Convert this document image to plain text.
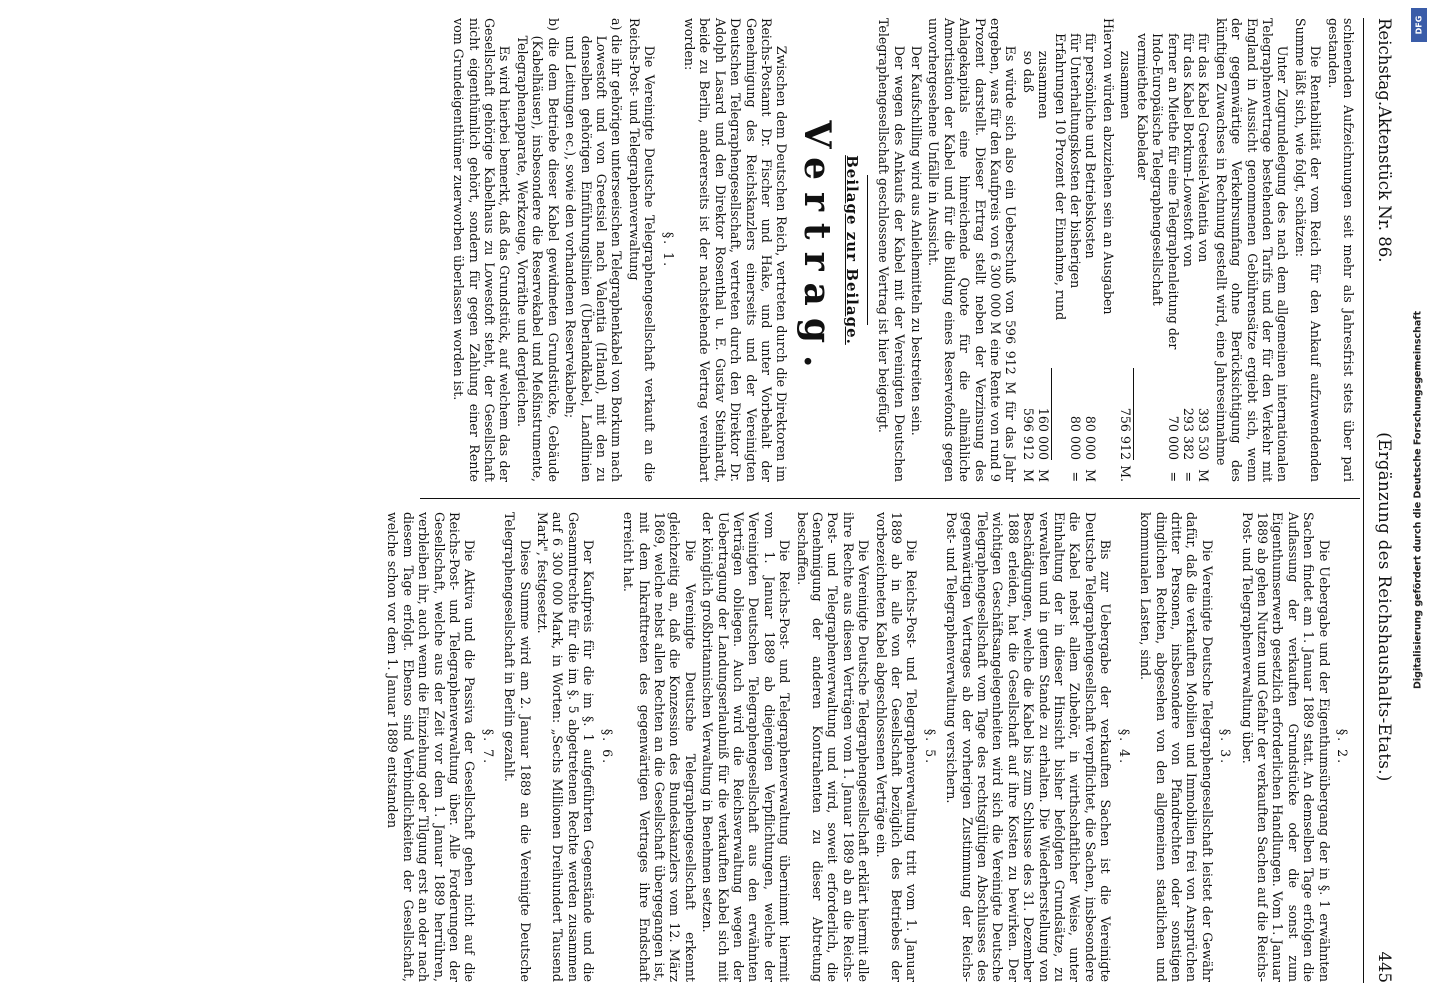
Reichstag.
Aktenstück Nr. 86.
(Ergänzung des Reichshaushalts-Etats.)
445

schienenden Aufzeichnungen seit mehr als Jahresfrist stets über pari gestanden.

Die Rentabilität der vom Reich für den Ankauf aufzuwendenden Summe läßt sich, wie folgt, schätzen:

Unter Zugrundelegung des nach dem allgemeinen internationalen Telegraphenvertrage bestehenden Tarifs und der für den Verkehr mit England in Aussicht genommenen Gebührensätze ergiebt sich, wenn der gegenwärtige Verkehrsumfang ohne Berücksichtigung des künftigen Zuwachses in Rechnung gestellt wird, eine Jahreseinnahme

für das Kabel Greetsiel-Valentia von
393 530
M
für das Kabel Borkum-Lowestoft von
293 382
=
ferner an Miethe für eine Telegraphenleitung der Indo-Europäische Telegraphengesellschaft vermiethete Kabelader
70 000
=
zusammen
756 912
M.

Hiervon würden abzuziehen sein an Ausgaben

für persönliche und Betriebskosten
80 000
M
für Unterhaltungskosten der bisherigen Erfahrungen 10 Prozent der Einnahme, rund
80 000
=
zusammen
160 000
M
so daß
596 912
M

Es würde sich also ein Ueberschuß von 596 912 M für das Jahr ergeben, was für den Kaufpreis von 6 300 000 M eine Rente von rund 9 Prozent darstellt. Dieser Ertrag stellt neben der Verzinsung des Anlagekapitals eine hinreichende Quote für die allmähliche Amortisation der Kabel und für die Bildung eines Reservefonds gegen unvorhergesehene Unfälle in Aussicht.

Der Kaufschilling wird aus Anleihemitteln zu bestreiten sein.

Der wegen des Ankaufs der Kabel mit der Vereinigten Deutschen Telegraphengesellschaft geschlossene Vertrag ist hier beigefügt.

Beilage zur Beilage.
Vertrag.

Zwischen dem Deutschen Reich, vertreten durch die Direktoren im Reichs-Postamt Dr. Fischer und Hake, und unter Vorbehalt der Genehmigung des Reichskanzlers einerseits und der Vereinigten Deutschen Telegraphengesellschaft, vertreten durch den Direktor Dr. Adolph Lasard und den Direktor Rosenthal u. E. Gustav Steinhardt, beide zu Berlin, andererseits ist der nachstehende Vertrag vereinbart worden:

§. 1.

Die Vereinigte Deutsche Telegraphengesellschaft verkauft an die Reichs-Post- und Telegraphenverwaltung

a) die ihr gehörigen unterseeischen Telegraphenkabel von Borkum nach Lowestoft und von Greetsiel nach Valentia (Irland), mit den zu denselben gehörigen Einführungslinien (Überlandkabel, Landlinien und Leitungen ec.), sowie den vorhandenen Reservekabeln;

b) die dem Betriebe dieser Kabel gewidmeten Grundstücke, Gebäude (Kabelhäuser), insbesondere die Reservekabel und Meßinstrumente, Telegraphenapparate, Werkzeuge, Vorräthe und dergleichen.

Es wird hierbei bemerkt, daß das Grundstück, auf welchem das der Gesellschaft gehörige Kabelhaus zu Lowestoft steht, der Gesellschaft nicht eigenthümlich gehört, sondern für gegen Zahlung einer Rente vom Grundeigenthümer zuerworben überlassen worden ist.

§. 2.

Die Uebergabe und der Eigenthumsübergang der in §. 1 erwähnten Sachen findet am 1. Januar 1889 statt. An demselben Tage erfolgen die Auflassung der verkauften Grundstücke oder die sonst zum Eigenthumserwerb gesetzlich erforderlichen Handlungen. Vom 1. Januar 1889 ab gehen Nutzen und Gefahr der verkauften Sachen auf die Reichs-Post- und Telegraphenverwaltung über.

§. 3.

Die Vereinigte Deutsche Telegraphengesellschaft leistet der Gewähr dafür, daß die verkauften Mobilien und Immobilien frei von Ansprüchen dritter Personen, insbesondere von Pfandrechten oder sonstigen dinglichen Rechten, abgesehen von den allgemeinen staatlichen und kommunalen Lasten, sind.

§. 4.

Bis zur Uebergabe der verkauften Sachen ist die Vereinigte Deutsche Telegraphengesellschaft verpflichtet, die Sachen, insbesondere die Kabel nebst allem Zubehör, in wirthschaftlicher Weise, unter Einhaltung der in dieser Hinsicht bisher befolgten Grundsätze, zu verwalten und in gutem Stande zu erhalten. Die Wiederherstellung von Beschädigungen, welche die Kabel bis zum Schlusse des 31. Dezember 1888 erleiden, hat die Gesellschaft auf ihre Kosten zu bewirken. Der wichtigen Geschäftsangelegenheiten wird sich die Vereinigte Deutsche Telegraphengesellschaft vom Tage des rechtsgültigen Abschlusses des gegenwärtigen Vertrages ab der vorherigen Zustimmung der Reichs-Post- und Telegraphenverwaltung versichern.

§. 5.

Die Reichs-Post- und Telegraphenverwaltung tritt vom 1. Januar 1889 ab in alle von der Gesellschaft bezüglich des Betriebes der vorbezeichneten Kabel abgeschlossenen Verträge ein.

Die Vereinigte Deutsche Telegraphengesellschaft erklärt hiermit alle ihre Rechte aus diesen Verträgen vom 1. Januar 1889 ab an die Reichs-Post- und Telegraphenverwaltung und wird, soweit erforderlich, die Genehmigung der anderen Kontrahenten zu dieser Abtretung beschaffen.

Die Reichs-Post- und Telegraphenverwaltung übernimmt hiermit vom 1. Januar 1889 ab diejenigen Verpflichtungen, welche der Vereinigten Deutschen Telegraphengesellschaft aus den erwähnten Verträgen obliegen. Auch wird die Reichsverwaltung wegen der Uebertragung der Landungserlaubniß für die verkauften Kabel sich mit der königlich großbritannischen Verwaltung in Benehmen setzen.

Die Vereinigte Deutsche Telegraphengesellschaft erkennt gleichzeitig an, daß die Konzession des Bundeskanzlers vom 12. März 1869, welche nebst allen Rechten an die Gesellschaft übergegangen ist, mit dem Inkrafttreten des gegenwärtigen Vertrages ihre Endschaft erreicht hat.

§. 6.

Der Kaufpreis für die im §. 1 aufgeführten Gegenstände und die Gesammtrechte für die im §. 5 abgetretenen Rechte werden zusammen auf 6 300 000 Mark, in Worten: „Sechs Millionen Dreihundert Tausend Mark", festgesetzt.

Diese Summe wird am 2. Januar 1889 an die Vereinigte Deutsche Telegraphengesellschaft in Berlin gezahlt.

§. 7.

Die Aktiva und die Passiva der Gesellschaft gehen nicht auf die Reichs-Post- und Telegraphenverwaltung über. Alle Forderungen der Gesellschaft, welche aus der Zeit vor dem 1. Januar 1889 herrühren, verbleiben ihr, auch wenn die Einziehung oder Tilgung erst an oder nach diesem Tage erfolgt. Ebenso sind Verbindlichkeiten der Gesellschaft, welche schon vor dem 1. Januar 1889 entstanden

DFG
Digitalisierung gefördert durch die Deutsche Forschungsgemeinschaft
